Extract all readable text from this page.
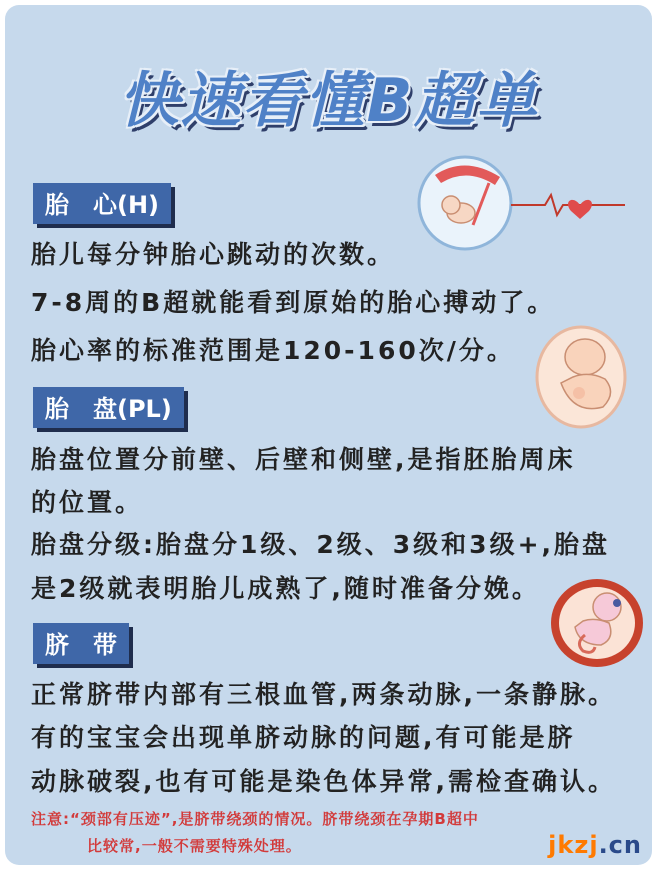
快速看懂B超单
胎　心(H)
胎儿每分钟胎心跳动的次数。
7-8周的B超就能看到原始的胎心搏动了。
胎心率的标准范围是120-160次/分。
胎　盘(PL)
胎盘位置分前壁、后壁和侧壁,是指胚胎周床
的位置。
胎盘分级:胎盘分1级、2级、3级和3级+,胎盘
是2级就表明胎儿成熟了,随时准备分娩。
脐　带
正常脐带内部有三根血管,两条动脉,一条静脉。
有的宝宝会出现单脐动脉的问题,有可能是脐
动脉破裂,也有可能是染色体异常,需检查确认。
注意:“颈部有压迹”,是脐带绕颈的情况。脐带绕颈在孕期B超中
比较常,一般不需要特殊处理。	jkzj.cn
